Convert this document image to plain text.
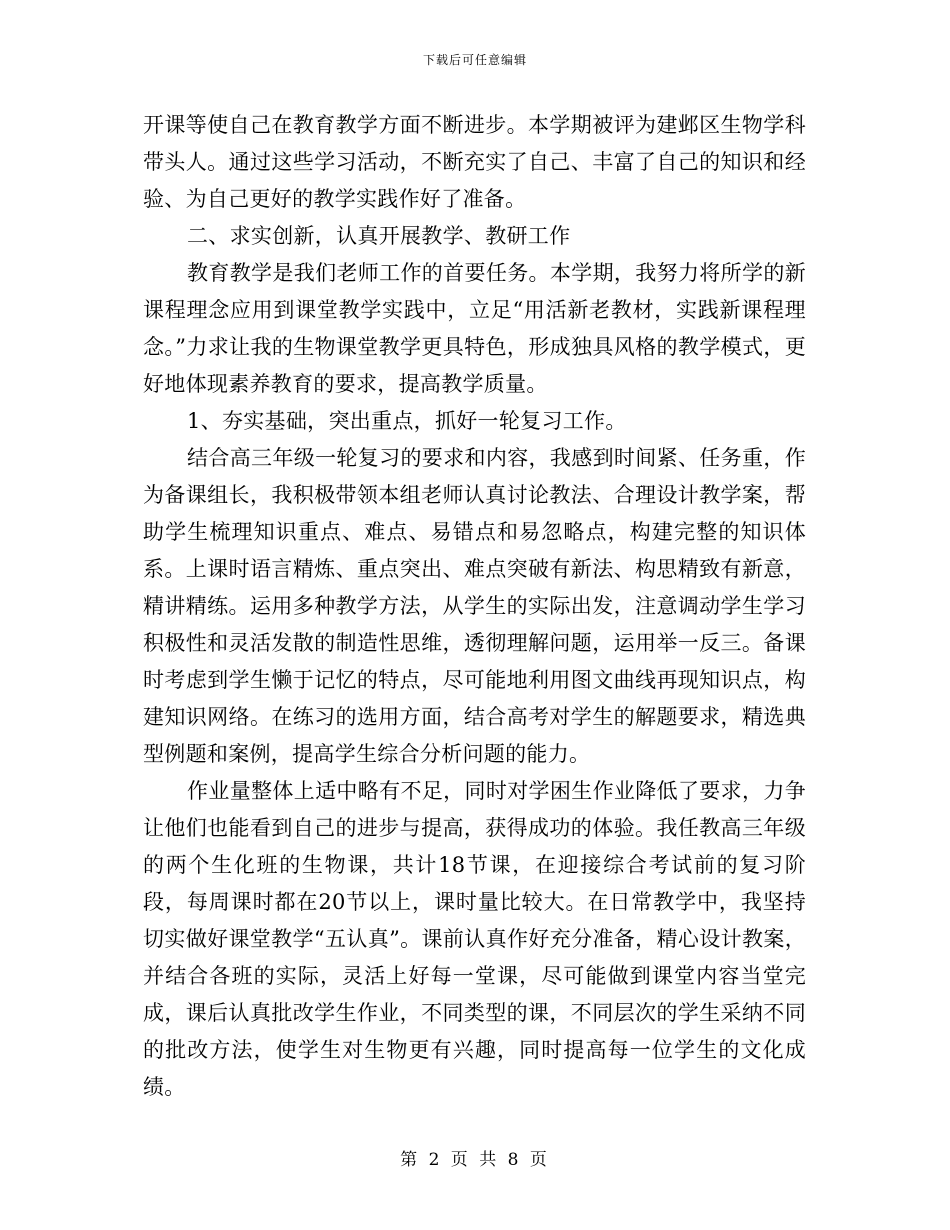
下载后可任意编辑

开课等使自己在教育教学方面不断进步。本学期被评为建邺区生物学科带头人。通过这些学习活动，不断充实了自己、丰富了自己的知识和经验、为自己更好的教学实践作好了准备。

二、求实创新，认真开展教学、教研工作

教育教学是我们老师工作的首要任务。本学期，我努力将所学的新课程理念应用到课堂教学实践中，立足“用活新老教材，实践新课程理念。”力求让我的生物课堂教学更具特色，形成独具风格的教学模式，更好地体现素养教育的要求，提高教学质量。

1、夯实基础，突出重点，抓好一轮复习工作。

结合高三年级一轮复习的要求和内容，我感到时间紧、任务重，作为备课组长，我积极带领本组老师认真讨论教法、合理设计教学案，帮助学生梳理知识重点、难点、易错点和易忽略点，构建完整的知识体系。上课时语言精炼、重点突出、难点突破有新法、构思精致有新意，精讲精练。运用多种教学方法，从学生的实际出发，注意调动学生学习积极性和灵活发散的制造性思维，透彻理解问题，运用举一反三。备课时考虑到学生懒于记忆的特点，尽可能地利用图文曲线再现知识点，构建知识网络。在练习的选用方面，结合高考对学生的解题要求，精选典型例题和案例，提高学生综合分析问题的能力。

作业量整体上适中略有不足，同时对学困生作业降低了要求，力争让他们也能看到自己的进步与提高，获得成功的体验。我任教高三年级的两个生化班的生物课，共计18节课，在迎接综合考试前的复习阶段，每周课时都在20节以上，课时量比较大。在日常教学中，我坚持切实做好课堂教学“五认真”。课前认真作好充分准备，精心设计教案，并结合各班的实际，灵活上好每一堂课，尽可能做到课堂内容当堂完成，课后认真批改学生作业，不同类型的课，不同层次的学生采纳不同的批改方法，使学生对生物更有兴趣，同时提高每一位学生的文化成绩。

第 2 页 共 8 页
